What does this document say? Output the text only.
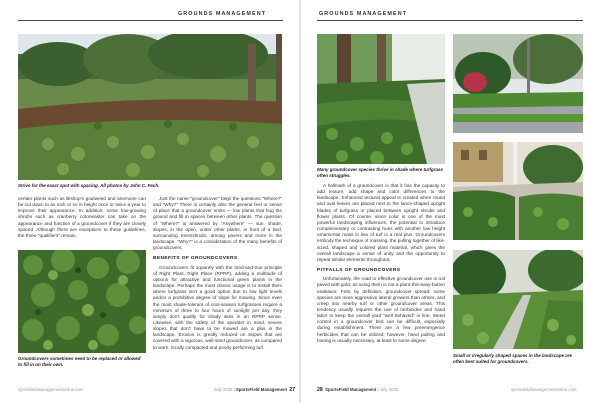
GROUNDS MANAGEMENT
Strive for the exact spot with spacing. All photos by John C. Fech.

certain plants such as Bishop's goutweed and anemone can be cut down to an inch or so in height once or twice a year to improve their appearance. In addition, some low-growing shrubs such as cranberry cotoneaster can take on the appearance and function of a groundcover if they are closely spaced. Although there are exceptions to these guidelines, the three "qualifiers" remain.

Groundcovers sometimes need to be replaced or allowed to fill in on their own.

Just the name "groundcover" begs the questions "Where?" and "Why?" There is certainly also the general feel or sense of place that a groundcover emits — low plants that hug the ground and fill in spaces between other plants. The question of "Where?" is answered by "Anywhere" — sun, shade, slopes, in the open, under other plants, in front of a bed, surrounding trees/shrubs, among pavers and more in the landscape. "Why?" is a consideration of the many benefits of groundcovers.

BENEFITS OF GROUNDCOVERS

Groundcovers fit squarely with the tried-and-true principle of Right Plant, Right Place (RPRP), adding a multitude of options for attractive and functional green plants in the landscape. Perhaps the most classic usage is to install them where turfgrass isn't a good option due to low light levels and/or a prohibitive degree of slope for mowing. Since even the most shade-tolerant of cool-season turfgrasses require a minimum of three to four hours of sunlight per day, they simply don't qualify for shady sites in an RPRP sense. Likewise, with the safety of the operator in mind, severe slopes that don't have to be mowed are a plus in the landscape. Erosion is greatly reduced on slopes that are covered with a vigorous, well-sited groundcover, as compared to worn, locally compacted and poorly performing turf.

sportsfieldmanagementonline.com	July 2025 | SportsField Management 27
GROUNDS MANAGEMENT
Many groundcover species thrive in shade where turfgrass often struggles.
Small or irregularly shaped spaces in the landscape are often best suited for groundcovers.

A hallmark of a groundcover is that it has the capacity to add texture, add shape and color differences to the landscape. Enhanced textural appeal is created when round and oval leaves are placed next to the lance-shaped upright blades of turfgrass or placed between upright shrubs and flower plants. Of course, since color is one of the most powerful landscaping influences, the potential to introduce complementary or contrasting hues with another low height ornamental mass in lieu of turf is a real plus. Groundcovers embody the technique of massing, the pulling together of like-sized, shaped and colored plant material, which gives the overall landscape a sense of unity and the opportunity to repeat similar elements throughout.

PITFALLS OF GROUNDCOVERS

Unfortunately, the road to effective groundcover use is not paved with gold, as using them is not a plant-this-easy-button endeavor. First, by definition, groundcover spread; some species are more aggressive lateral growers than others, and creep into nearby turf or other groundcover areas. This tendency usually requires the use of herbicides and hand labor to keep the overall yard "well behaved" in line. Weed control in a groundcover bed can be difficult, especially during establishment. There are a few preemergence herbicides that can be utilized; however, hand pulling and hoeing is usually necessary, at least to some degree.

28 SportsField Management | July 2025	sportsfieldmanagementonline.com
